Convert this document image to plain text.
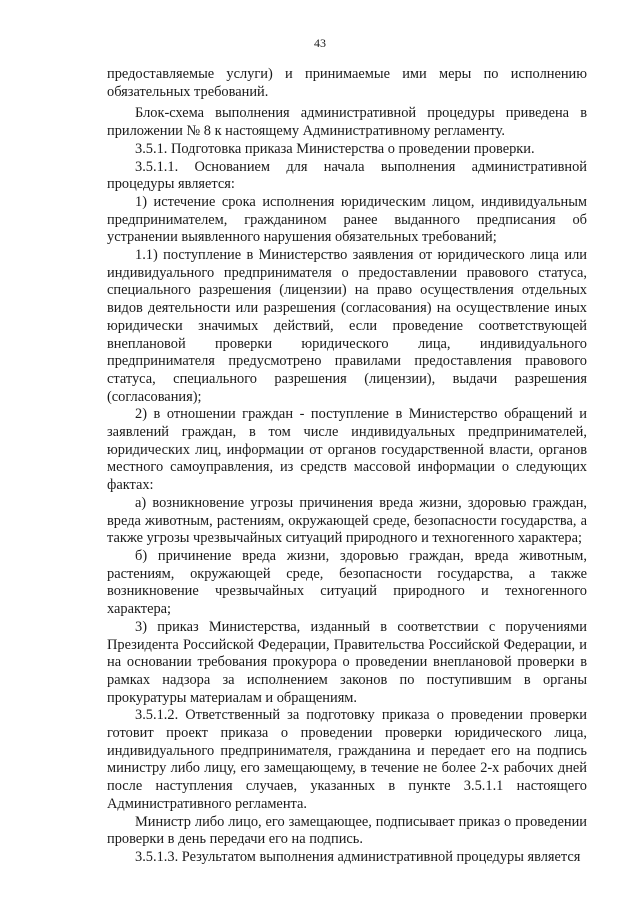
43

предоставляемые услуги) и принимаемые ими меры по исполнению обязательных требований.

Блок-схема выполнения административной процедуры приведена в приложении № 8 к настоящему Административному регламенту.

3.5.1. Подготовка приказа Министерства о проведении проверки.

3.5.1.1. Основанием для начала выполнения административной процедуры является:

1) истечение срока исполнения юридическим лицом, индивидуальным предпринимателем, гражданином ранее выданного предписания об устранении выявленного нарушения обязательных требований;

1.1) поступление в Министерство заявления от юридического лица или индивидуального предпринимателя о предоставлении правового статуса, специального разрешения (лицензии) на право осуществления отдельных видов деятельности или разрешения (согласования) на осуществление иных юридически значимых действий, если проведение соответствующей внеплановой проверки юридического лица, индивидуального предпринимателя предусмотрено правилами предоставления правового статуса, специального разрешения (лицензии), выдачи разрешения (согласования);

2) в отношении граждан - поступление в Министерство обращений и заявлений граждан, в том числе индивидуальных предпринимателей, юридических лиц, информации от органов государственной власти, органов местного самоуправления, из средств массовой информации о следующих фактах:

а) возникновение угрозы причинения вреда жизни, здоровью граждан, вреда животным, растениям, окружающей среде, безопасности государства, а также угрозы чрезвычайных ситуаций природного и техногенного характера;

б) причинение вреда жизни, здоровью граждан, вреда животным, растениям, окружающей среде, безопасности государства, а также возникновение чрезвычайных ситуаций природного и техногенного характера;

3) приказ Министерства, изданный в соответствии с поручениями Президента Российской Федерации, Правительства Российской Федерации, и на основании требования прокурора о проведении внеплановой проверки в рамках надзора за исполнением законов по поступившим в органы прокуратуры материалам и обращениям.

3.5.1.2. Ответственный за подготовку приказа о проведении проверки готовит проект приказа о проведении проверки юридического лица, индивидуального предпринимателя, гражданина и передает его на подпись министру либо лицу, его замещающему, в течение не более 2-х рабочих дней после наступления случаев, указанных в пункте 3.5.1.1 настоящего Административного регламента.

Министр либо лицо, его замещающее, подписывает приказ о проведении проверки в день передачи его на подпись.

3.5.1.3. Результатом выполнения административной процедуры является
